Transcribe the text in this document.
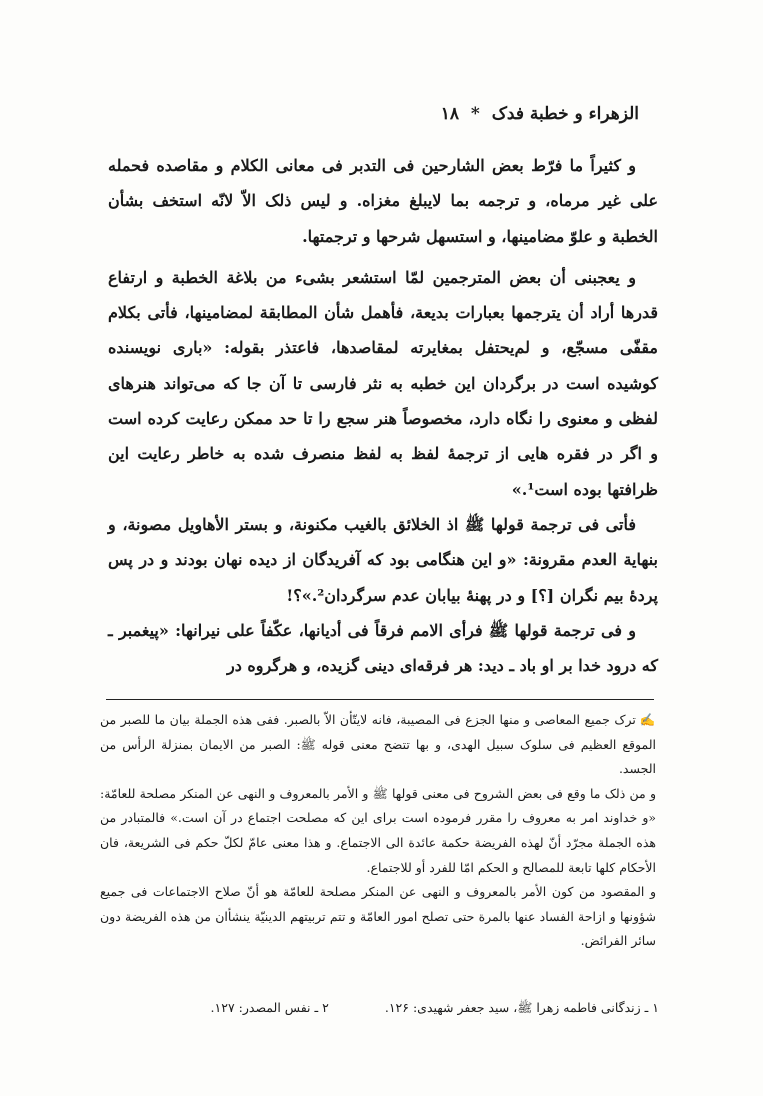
الزهراء و خطبة فدک * ۱۸

و کثیراً ما فرّط بعض الشارحین فی التدبر فی معانی الکلام و مقاصده فحمله علی غیر مرماه، و ترجمه بما لایبلغ مغزاه. و لیس ذلک الاّ لانّه استخف بشأن الخطبة و علوّ مضامینها، و استسهل شرحها و ترجمتها.

و یعجبنی أن بعض المترجمین لمّا استشعر بشیء من بلاغة الخطبة و ارتفاع قدرها أراد أن یترجمها بعبارات بدیعة، فأهمل شأن المطابقة لمضامینها، فأتی بکلام مقفّی مسجّع، و لم‌یحتفل بمغایرته لمقاصدها، فاعتذر بقوله: «باری نویسنده کوشیده است در برگردان این خطبه به نثر فارسی تا آن جا که می‌تواند هنرهای لفظی و معنوی را نگاه دارد، مخصوصاً هنر سجع را تا حد ممکن رعایت کرده است و اگر در فقره هایی از ترجمهٔ لفظ به لفظ منصرف شده به خاطر رعایت این ظرافتها بوده است¹.»

فأتی فی ترجمة قولها ﷺ اذ الخلائق بالغیب مکنونة، و بستر الأهاویل مصونة، و بنهایة العدم مقرونة: «و این هنگامی بود که آفریدگان از دیده نهان بودند و در پس پردهٔ بیم نگران [؟] و در پهنهٔ بیابان عدم سرگردان².»؟!

و فی ترجمة قولها ﷺ فرأی الامم فرقاً فی أدیانها، عکّفاً علی نیرانها: «پیغمبر ـ که درود خدا بر او باد ـ دید: هر فرقه‌ای دینی گزیده، و هرگروه در

✍ترک جمیع المعاصی و منها الجزع فی المصیبة، فانه لایتّأن الاّ بالصبر. ففی هذه الجملة بیان ما للصبر من الموقع العظیم فی سلوک سبیل الهدی، و بها تتضح معنی قوله ﷺ: الصبر من الایمان بمنزلة الرأس من الجسد.

و من ذلک ما وقع فی بعض الشروح فی معنی قولها ﷺ و الأمر بالمعروف و النهی عن المنکر مصلحة للعامّة: «و خداوند امر به معروف را مقرر فرموده است برای این که مصلحت اجتماع در آن است.» فالمتبادر من هذه الجملة مجرّد أنّ لهذه الفریضة حکمة عائدة الی الاجتماع. و هذا معنی عامّ لکلّ حکم فی الشریعة، فان الأحکام کلها تابعة للمصالح و الحکم امّا للفرد أو للاجتماع.

و المقصود من کون الأمر بالمعروف و النهی عن المنکر مصلحة للعامّة هو أنّ صلاح الاجتماعات فی جمیع شؤونها و ازاحة الفساد عنها بالمرة حتی تصلح امور العامّة و تتم تربیتهم الدینیّة ینشأان من هذه الفریضة دون سائر الفرائض.

۱ ـ زندگانی فاطمه زهرا ﷺ، سید جعفر شهیدی: ۱۲۶. ۲ ـ نفس المصدر: ۱۲۷.
